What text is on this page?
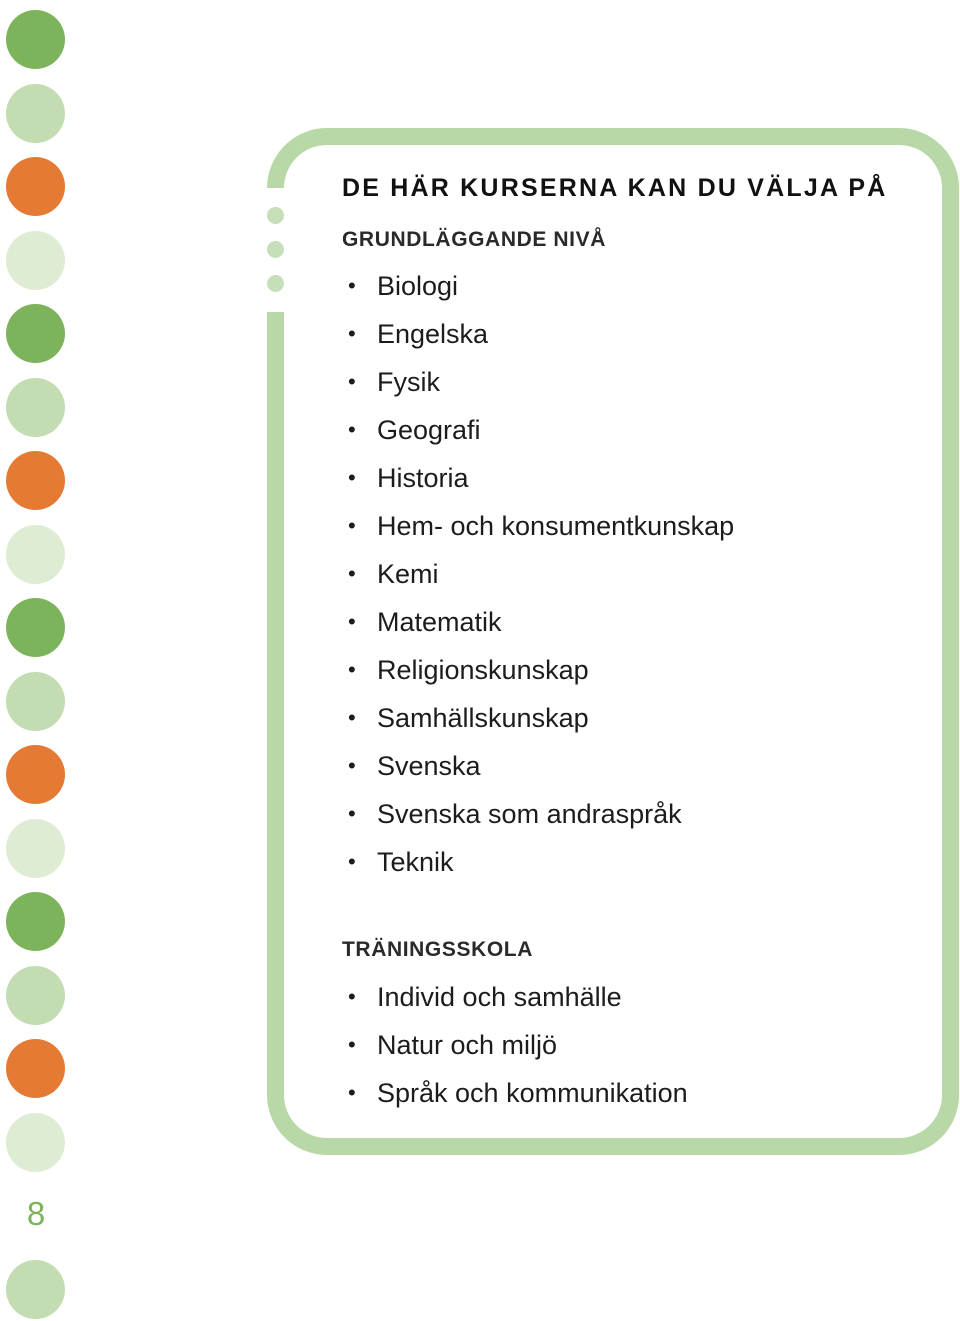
8
DE HÄR KURSERNA KAN DU VÄLJA PÅ
GRUNDLÄGGANDE NIVÅ
• Biologi
• Engelska
• Fysik
• Geografi
• Historia
• Hem- och konsumentkunskap
• Kemi
• Matematik
• Religionskunskap
• Samhällskunskap
• Svenska
• Svenska som andraspråk
• Teknik
TRÄNINGSSKOLA
• Individ och samhälle
• Natur och miljö
• Språk och kommunikation
